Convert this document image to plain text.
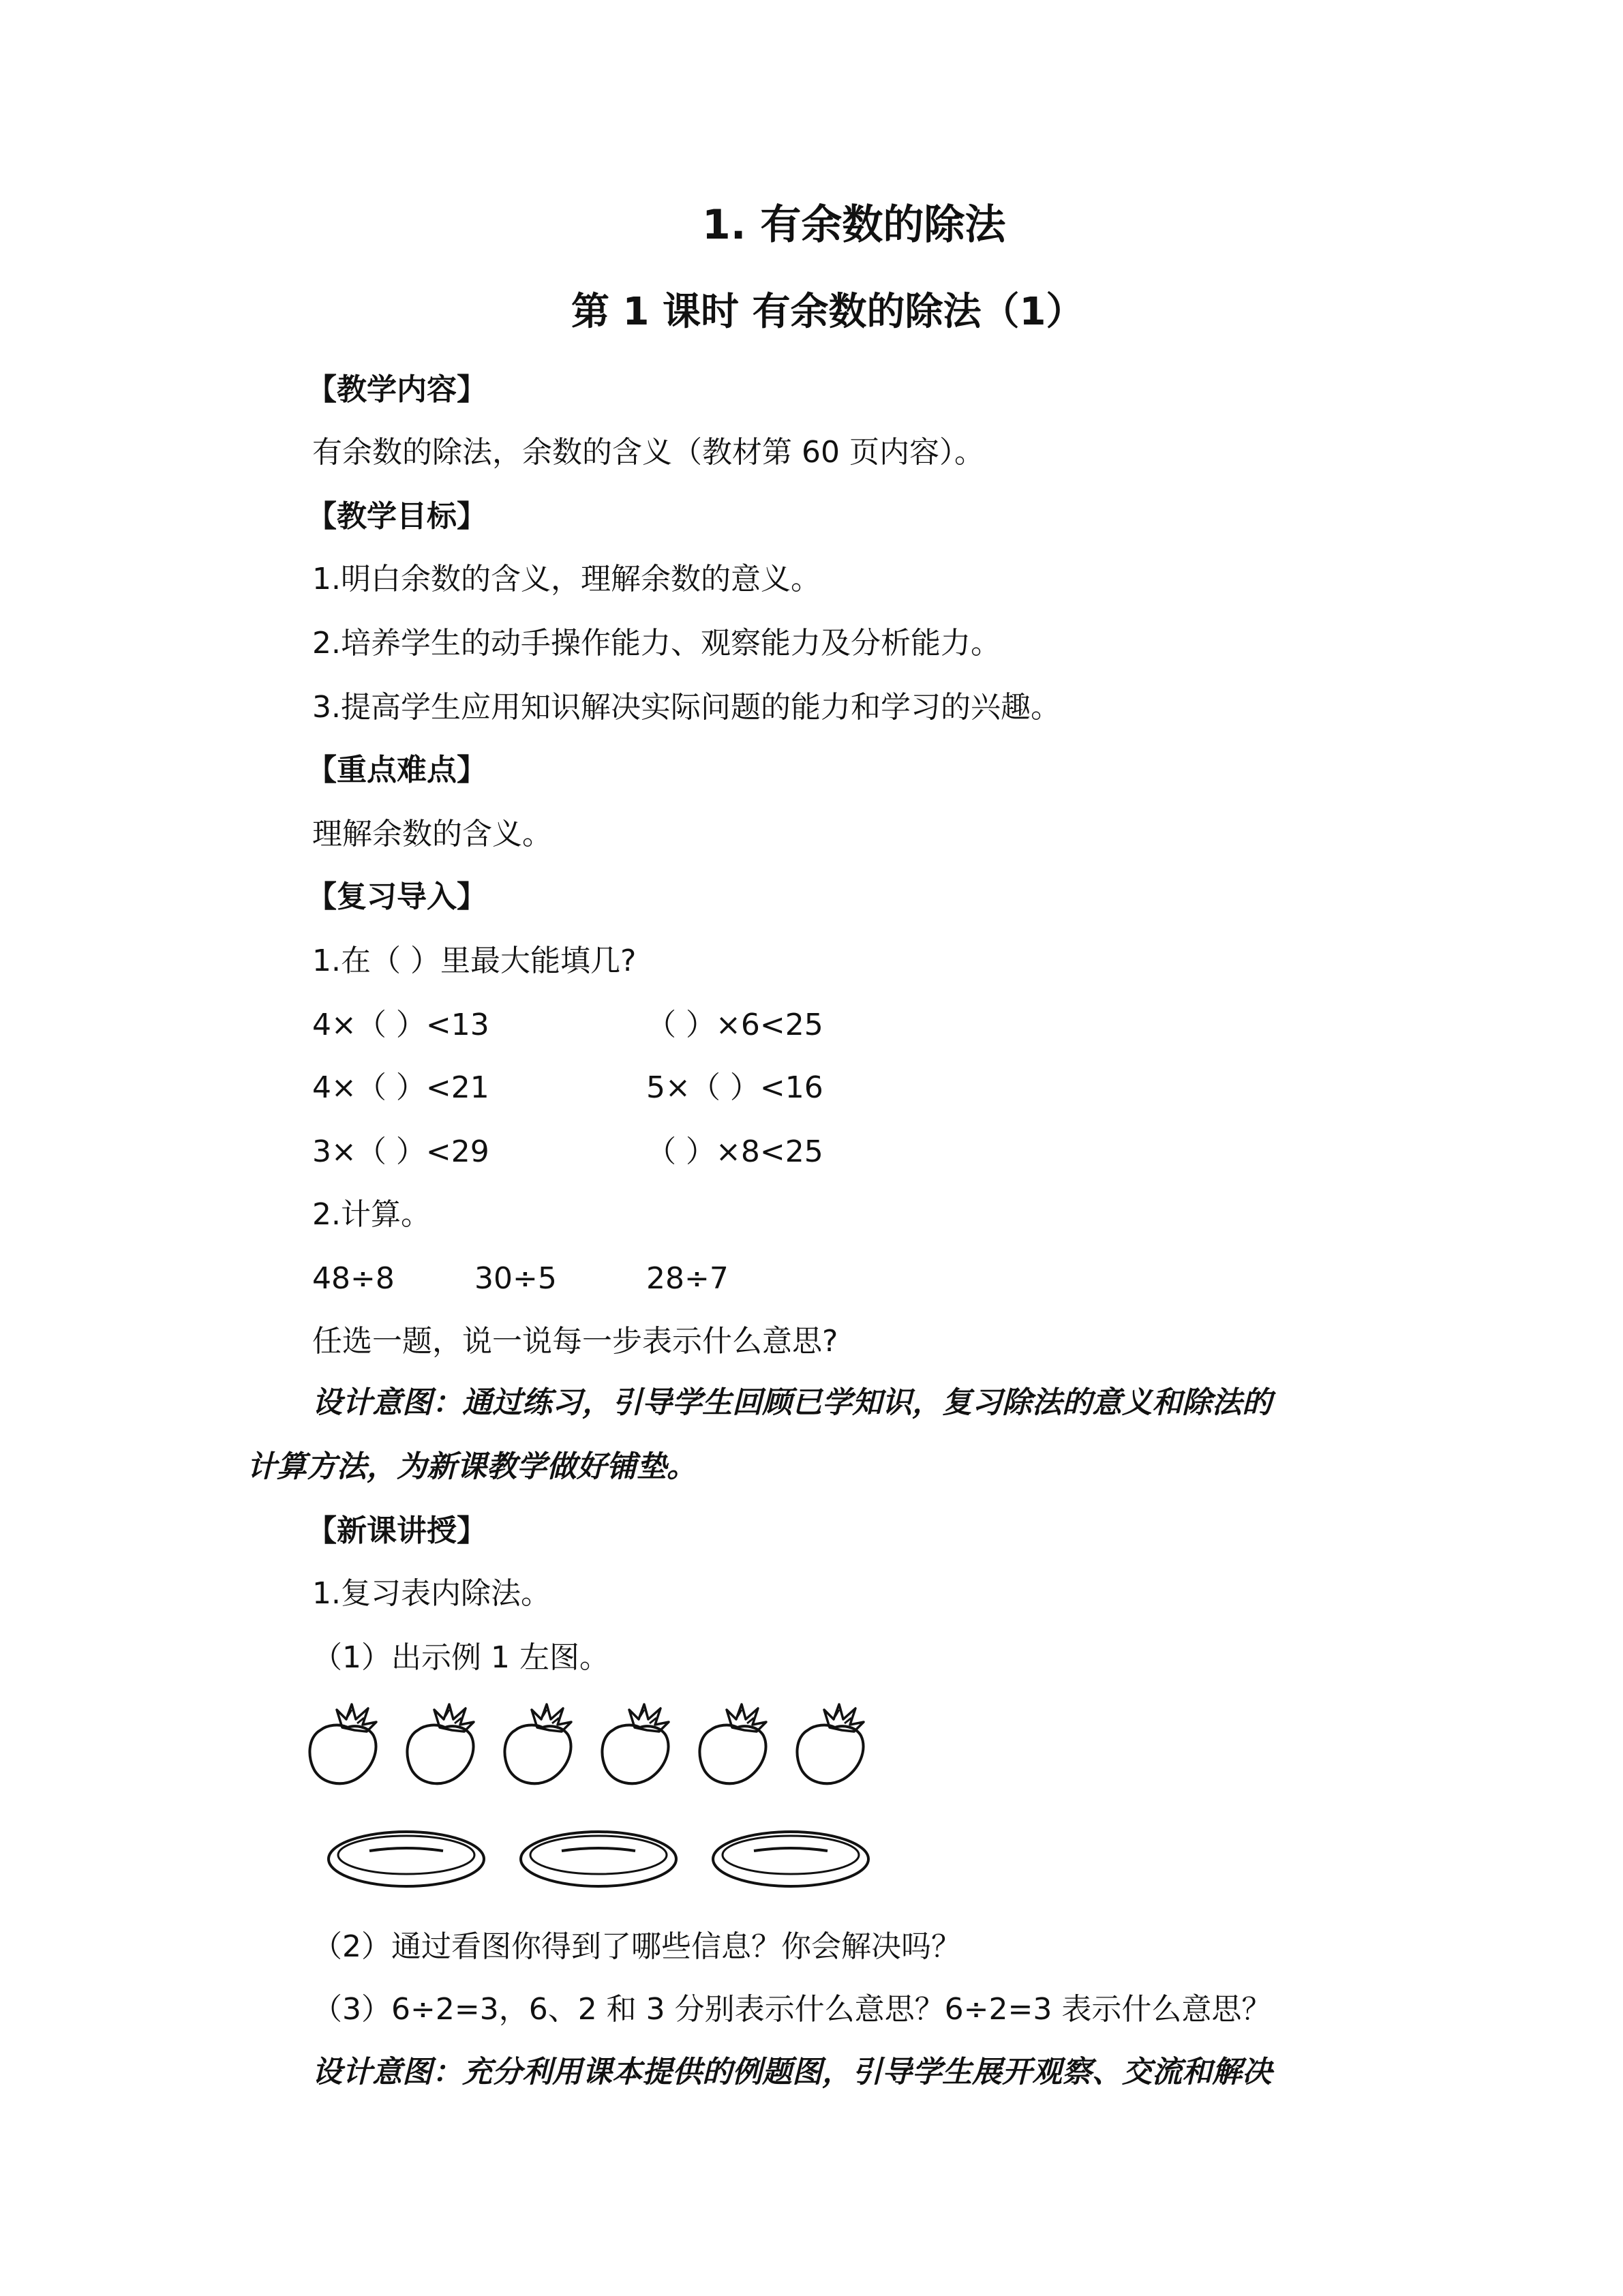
1. 有余数的除法
第 1 课时 有余数的除法（1）
【教学内容】
有余数的除法，余数的含义（教材第 60 页内容）。
【教学目标】
1.明白余数的含义，理解余数的意义。
2.培养学生的动手操作能力、观察能力及分析能力。
3.提高学生应用知识解决实际问题的能力和学习的兴趣。
【重点难点】
理解余数的含义。
【复习导入】
1.在（ ）里最大能填几?
4×（ ）<13	（ ）×6<25
4×（ ）<21	5×（ ）<16
3×（ ）<29	（ ）×8<25
2.计算。
48÷8	30÷5	28÷7
任选一题，说一说每一步表示什么意思?
设计意图：通过练习，引导学生回顾已学知识，复习除法的意义和除法的
计算方法，为新课教学做好铺垫。
【新课讲授】
1.复习表内除法。
（1）出示例 1 左图。
（2）通过看图你得到了哪些信息？你会解决吗？
（3）6÷2=3，6、2 和 3 分别表示什么意思？6÷2=3 表示什么意思？
设计意图：充分利用课本提供的例题图，引导学生展开观察、交流和解决
